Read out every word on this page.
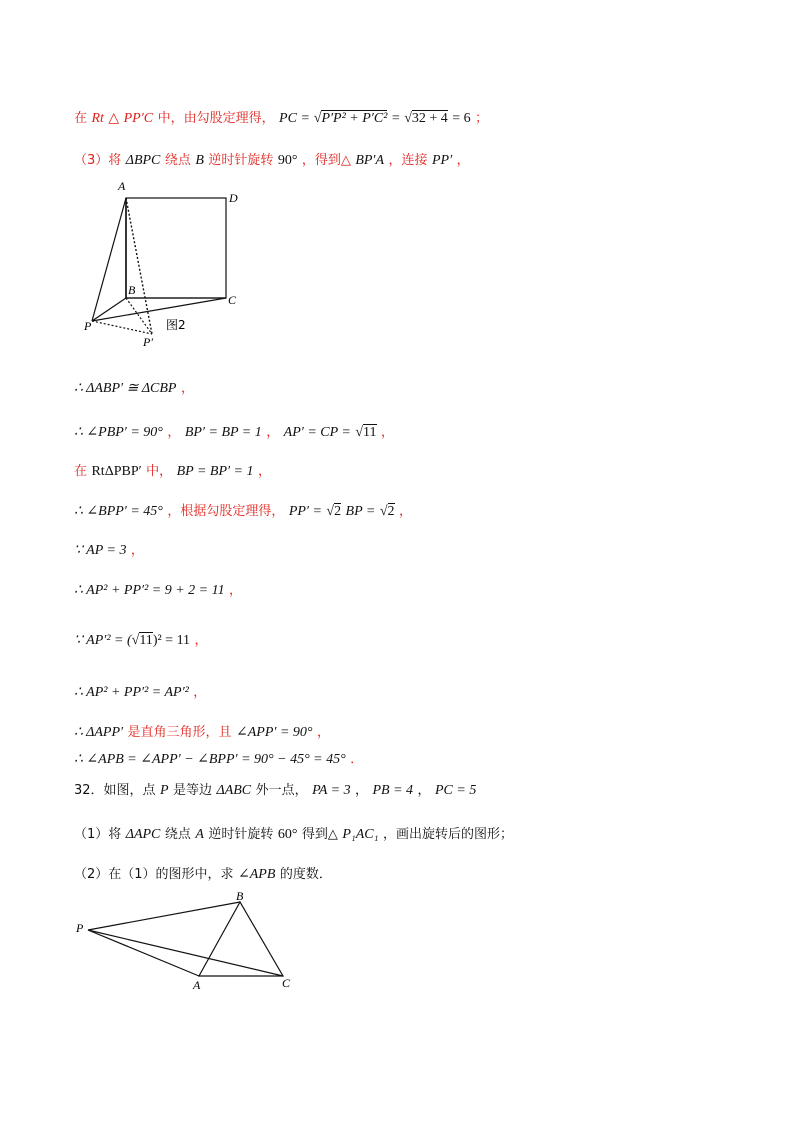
在 Rt △ PP′C 中，由勾股定理得， PC = √P′P² + P′C² = √32 + 4 = 6 ；
（3）将 ΔBPC 绕点 B 逆时针旋转 90° ，得到△ BP′A ，连接 PP′ ，
A
D
B
C
P
P′
图2
∴ ΔABP′ ≅ ΔCBP ，
∴ ∠PBP′ = 90° ， BP′ = BP = 1 ， AP′ = CP = √11 ，
在 RtΔPBP′ 中， BP = BP′ = 1 ，
∴ ∠BPP′ = 45° ，根据勾股定理得， PP′ = √2 BP = √2 ，
∵ AP = 3 ，
∴ AP² + PP′² = 9 + 2 = 11 ，
∵ AP′² = (√11)² = 11 ，
∴ AP² + PP′² = AP′² ，
∴ ΔAPP′ 是直角三角形，且 ∠APP′ = 90° ，
∴ ∠APB = ∠APP′ − ∠BPP′ = 90° − 45° = 45° ．
32．如图，点 P 是等边 ΔABC 外一点， PA = 3 ， PB = 4 ， PC = 5
（1）将 ΔAPC 绕点 A 逆时针旋转 60° 得到△ P₁AC₁ ，画出旋转后的图形；
（2）在（1）的图形中，求 ∠APB 的度数．
P
B
A	C
